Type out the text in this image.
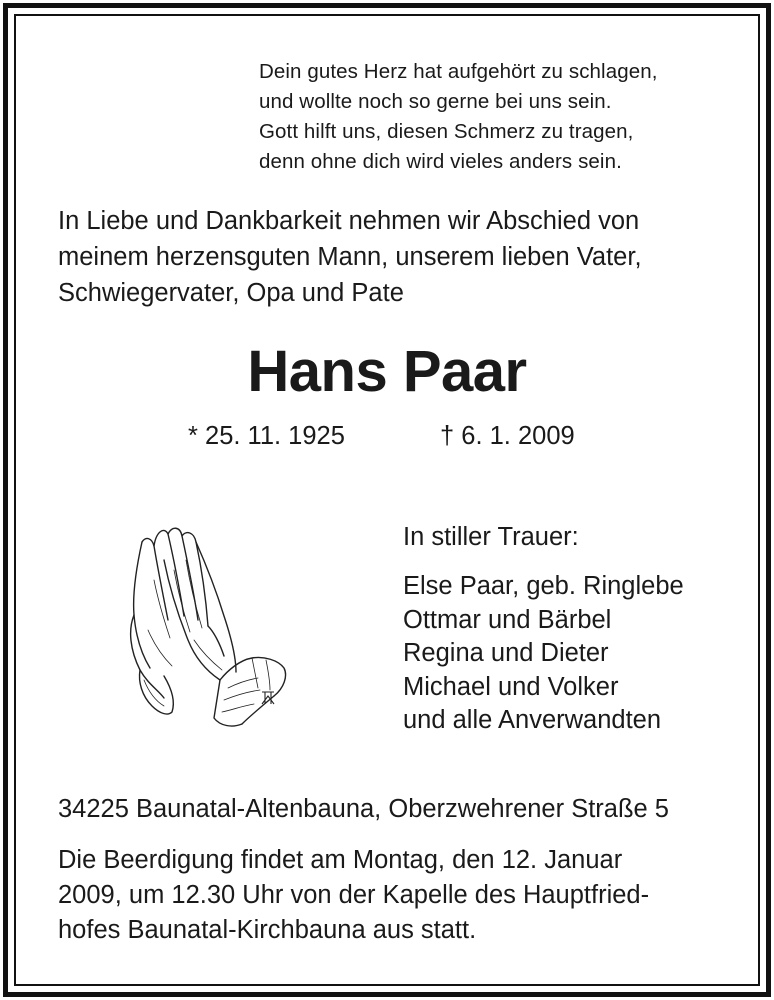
Dein gutes Herz hat aufgehört zu schlagen,
und wollte noch so gerne bei uns sein.
Gott hilft uns, diesen Schmerz zu tragen,
denn ohne dich wird vieles anders sein.
In Liebe und Dankbarkeit nehmen wir Abschied von
meinem herzensguten Mann, unserem lieben Vater,
Schwiegervater, Opa und Pate
Hans Paar
* 25. 11. 1925	† 6. 1. 2009
In stiller Trauer:
Else Paar, geb. Ringlebe
Ottmar und Bärbel
Regina und Dieter
Michael und Volker
und alle Anverwandten
34225 Baunatal-Altenbauna, Oberzwehrener Straße 5
Die Beerdigung findet am Montag, den 12. Januar
2009, um 12.30 Uhr von der Kapelle des Hauptfried-
hofes Baunatal-Kirchbauna aus statt.
